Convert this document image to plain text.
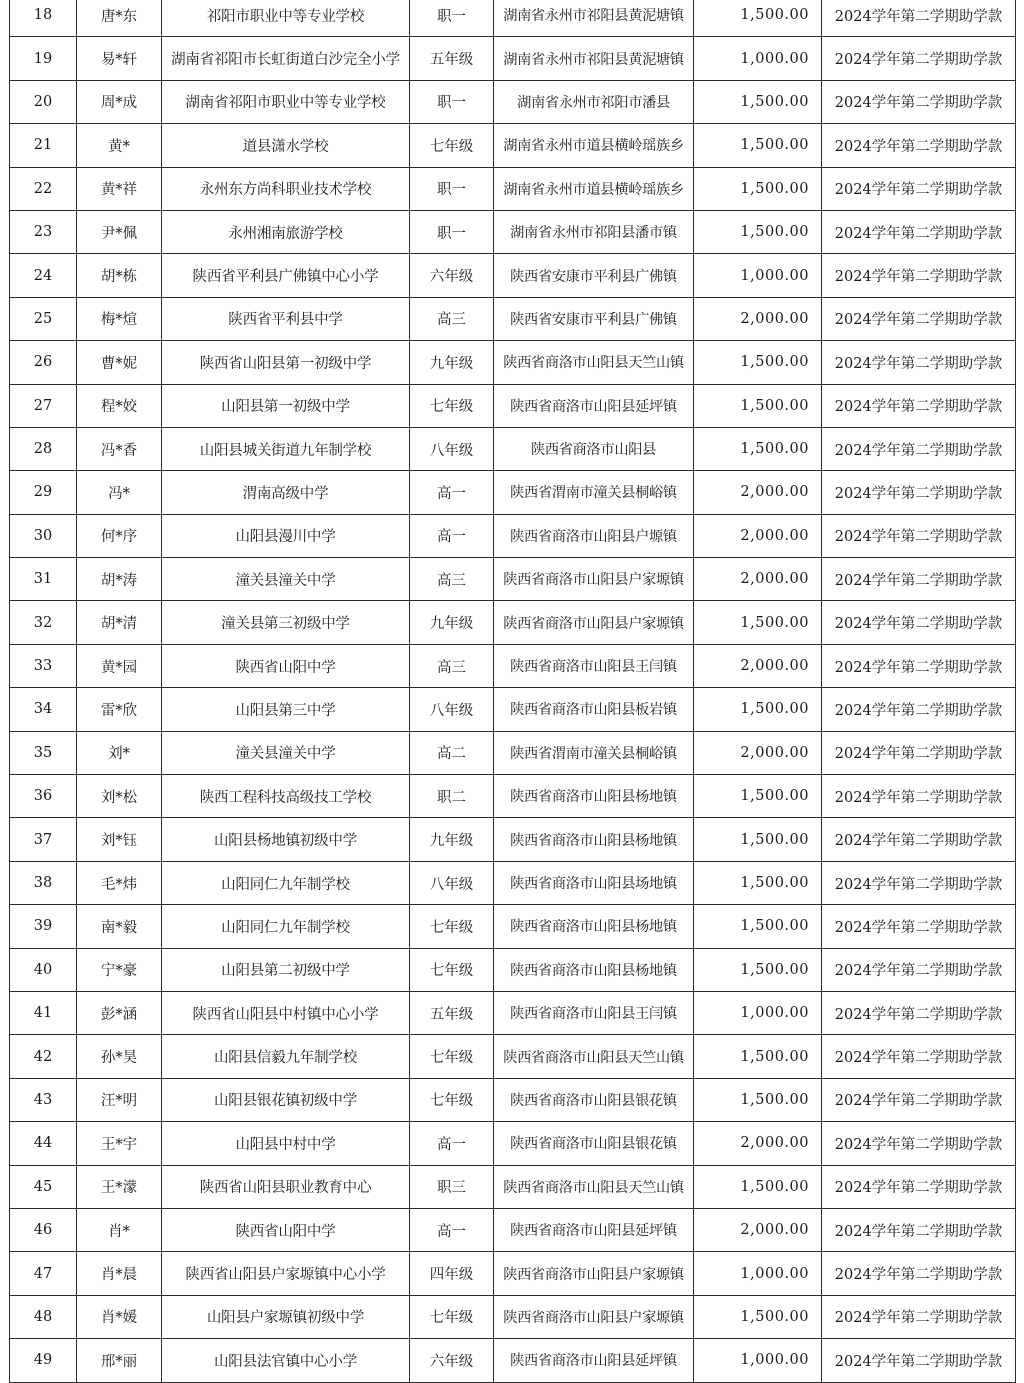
18	唐*东	祁阳市职业中等专业学校	职一	湖南省永州市祁阳县黄泥塘镇	1,500.00	2024学年第二学期助学款
19	易*轩	湖南省祁阳市长虹街道白沙完全小学	五年级	湖南省永州市祁阳县黄泥塘镇	1,000.00	2024学年第二学期助学款
20	周*成	湖南省祁阳市职业中等专业学校	职一	湖南省永州市祁阳市潘县	1,500.00	2024学年第二学期助学款
21	黄*	道县潇水学校	七年级	湖南省永州市道县横岭瑶族乡	1,500.00	2024学年第二学期助学款
22	黄*祥	永州东方尚科职业技术学校	职一	湖南省永州市道县横岭瑶族乡	1,500.00	2024学年第二学期助学款
23	尹*佩	永州湘南旅游学校	职一	湖南省永州市祁阳县潘市镇	1,500.00	2024学年第二学期助学款
24	胡*栋	陕西省平利县广佛镇中心小学	六年级	陕西省安康市平利县广佛镇	1,000.00	2024学年第二学期助学款
25	梅*煊	陕西省平利县中学	高三	陕西省安康市平利县广佛镇	2,000.00	2024学年第二学期助学款
26	曹*妮	陕西省山阳县第一初级中学	九年级	陕西省商洛市山阳县天竺山镇	1,500.00	2024学年第二学期助学款
27	程*姣	山阳县第一初级中学	七年级	陕西省商洛市山阳县延坪镇	1,500.00	2024学年第二学期助学款
28	冯*香	山阳县城关街道九年制学校	八年级	陕西省商洛市山阳县	1,500.00	2024学年第二学期助学款
29	冯*	渭南高级中学	高一	陕西省渭南市潼关县桐峪镇	2,000.00	2024学年第二学期助学款
30	何*序	山阳县漫川中学	高一	陕西省商洛市山阳县户塬镇	2,000.00	2024学年第二学期助学款
31	胡*涛	潼关县潼关中学	高三	陕西省商洛市山阳县户家塬镇	2,000.00	2024学年第二学期助学款
32	胡*清	潼关县第三初级中学	九年级	陕西省商洛市山阳县户家塬镇	1,500.00	2024学年第二学期助学款
33	黄*园	陕西省山阳中学	高三	陕西省商洛市山阳县王闫镇	2,000.00	2024学年第二学期助学款
34	雷*欣	山阳县第三中学	八年级	陕西省商洛市山阳县板岩镇	1,500.00	2024学年第二学期助学款
35	刘*	潼关县潼关中学	高二	陕西省渭南市潼关县桐峪镇	2,000.00	2024学年第二学期助学款
36	刘*松	陕西工程科技高级技工学校	职二	陕西省商洛市山阳县杨地镇	1,500.00	2024学年第二学期助学款
37	刘*钰	山阳县杨地镇初级中学	九年级	陕西省商洛市山阳县杨地镇	1,500.00	2024学年第二学期助学款
38	毛*炜	山阳同仁九年制学校	八年级	陕西省商洛市山阳县场地镇	1,500.00	2024学年第二学期助学款
39	南*毅	山阳同仁九年制学校	七年级	陕西省商洛市山阳县杨地镇	1,500.00	2024学年第二学期助学款
40	宁*豪	山阳县第二初级中学	七年级	陕西省商洛市山阳县杨地镇	1,500.00	2024学年第二学期助学款
41	彭*涵	陕西省山阳县中村镇中心小学	五年级	陕西省商洛市山阳县王闫镇	1,000.00	2024学年第二学期助学款
42	孙*昊	山阳县信毅九年制学校	七年级	陕西省商洛市山阳县天竺山镇	1,500.00	2024学年第二学期助学款
43	汪*明	山阳县银花镇初级中学	七年级	陕西省商洛市山阳县银花镇	1,500.00	2024学年第二学期助学款
44	王*宇	山阳县中村中学	高一	陕西省商洛市山阳县银花镇	2,000.00	2024学年第二学期助学款
45	王*濛	陕西省山阳县职业教育中心	职三	陕西省商洛市山阳县天竺山镇	1,500.00	2024学年第二学期助学款
46	肖*	陕西省山阳中学	高一	陕西省商洛市山阳县延坪镇	2,000.00	2024学年第二学期助学款
47	肖*晨	陕西省山阳县户家塬镇中心小学	四年级	陕西省商洛市山阳县户家塬镇	1,000.00	2024学年第二学期助学款
48	肖*媛	山阳县户家塬镇初级中学	七年级	陕西省商洛市山阳县户家塬镇	1,500.00	2024学年第二学期助学款
49	邢*丽	山阳县法官镇中心小学	六年级	陕西省商洛市山阳县延坪镇	1,000.00	2024学年第二学期助学款
